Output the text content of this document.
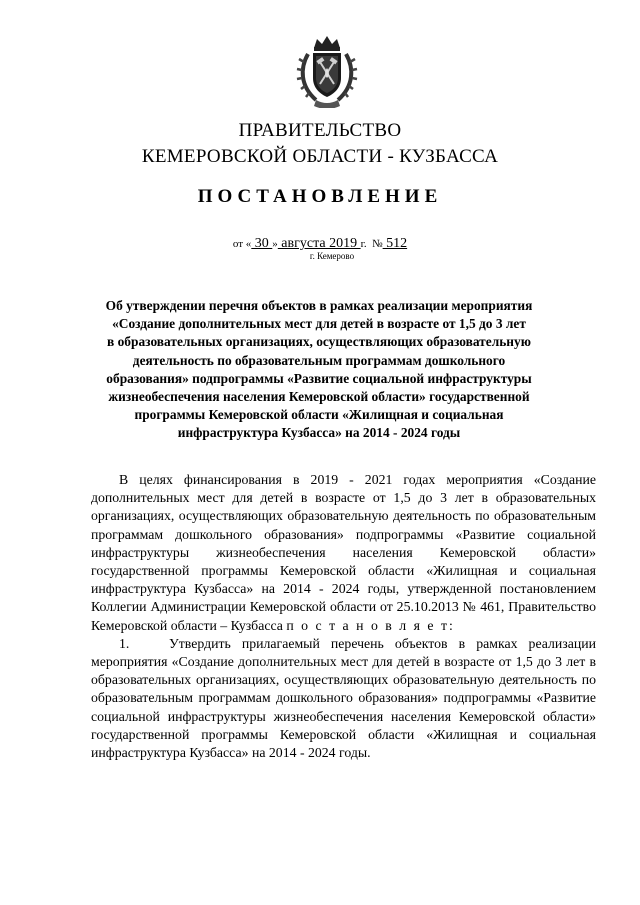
ПРАВИТЕЛЬСТВО
КЕМЕРОВСКОЙ ОБЛАСТИ - КУЗБАССА
ПОСТАНОВЛЕНИЕ
от « 30 » августа 2019 г. № 512
г. Кемерово
Об утверждении перечня объектов в рамках реализации мероприятия
«Создание дополнительных мест для детей в возрасте от 1,5 до 3 лет
в образовательных организациях, осуществляющих образовательную
деятельность по образовательным программам дошкольного
образования» подпрограммы «Развитие социальной инфраструктуры
жизнеобеспечения населения Кемеровской области» государственной
программы Кемеровской области «Жилищная и социальная
инфраструктура Кузбасса» на 2014 - 2024 годы

В целях финансирования в 2019 - 2021 годах мероприятия «Создание дополнительных мест для детей в возрасте от 1,5 до 3 лет в образовательных организациях, осуществляющих образовательную деятельность по образовательным программам дошкольного образования» подпрограммы «Развитие социальной инфраструктуры жизнеобеспечения населения Кемеровской области» государственной программы Кемеровской области «Жилищная и социальная инфраструктура Кузбасса» на 2014 - 2024 годы, утвержденной постановлением Коллегии Администрации Кемеровской области от 25.10.2013 № 461, Правительство Кемеровской области – Кузбасса п о с т а н о в л я е т:

1.	Утвердить прилагаемый перечень объектов в рамках реализации мероприятия «Создание дополнительных мест для детей в возрасте от 1,5 до 3 лет в образовательных организациях, осуществляющих образовательную деятельность по образовательным программам дошкольного образования» подпрограммы «Развитие социальной инфраструктуры жизнеобеспечения населения Кемеровской области» государственной программы Кемеровской области «Жилищная и социальная инфраструктура Кузбасса» на 2014 - 2024 годы.
